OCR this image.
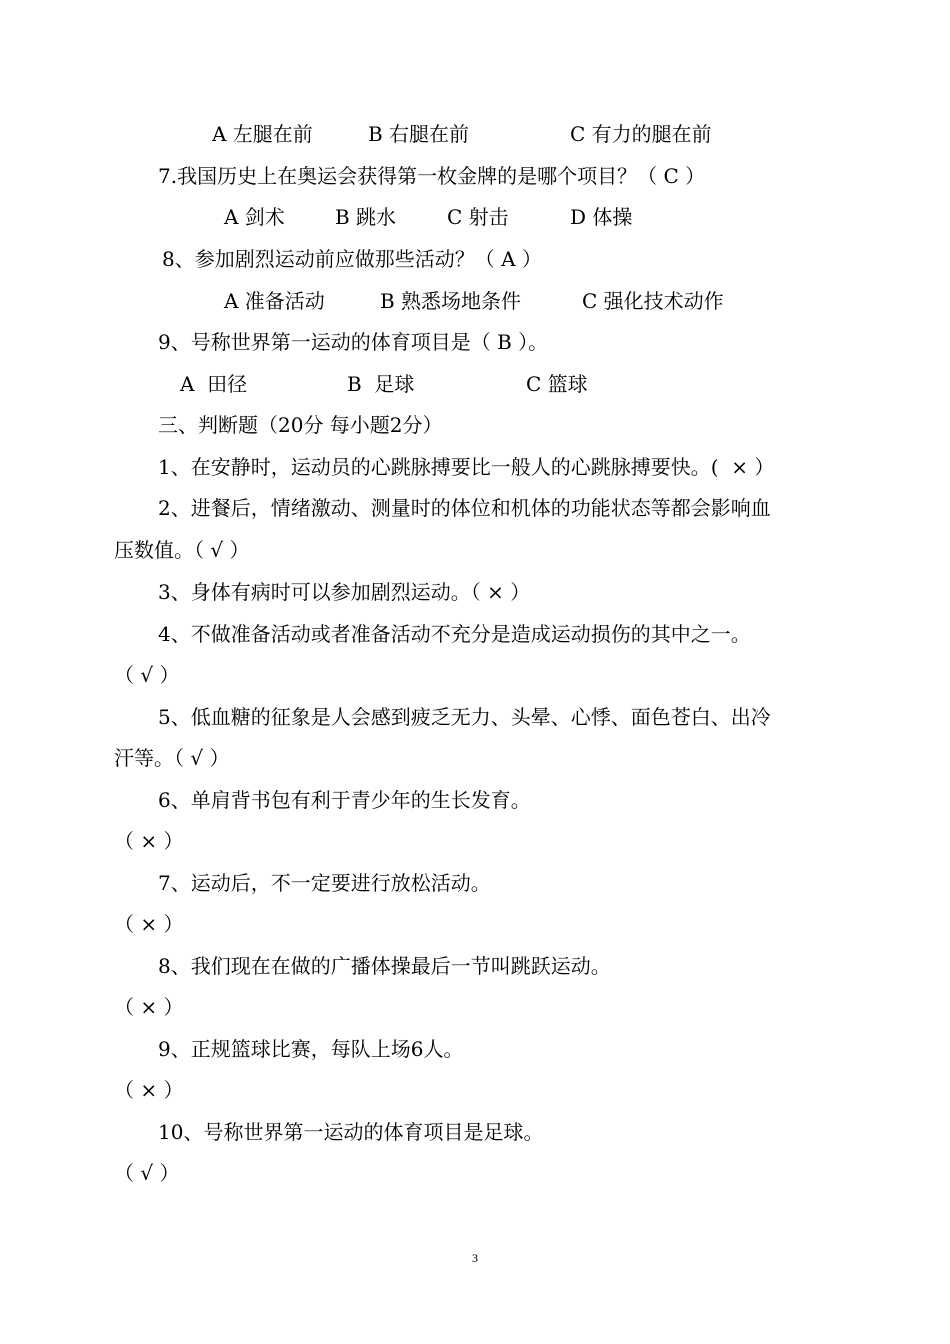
A 左腿在前	B 右腿在前	C 有力的腿在前
7.我国历史上在奥运会获得第一枚金牌的是哪个项目？（ C ）
A 剑术	B 跳水	C 射击	D 体操
8、参加剧烈运动前应做那些活动？（ A ）
A 准备活动	B 熟悉场地条件	C 强化技术动作
9、号称世界第一运动的体育项目是（ B ）。
A  田径	B  足球	C 篮球
三、判断题（20分 每小题2分）
1、在安静时，运动员的心跳脉搏要比一般人的心跳脉搏要快。(  × ）
2、进餐后，情绪激动、测量时的体位和机体的功能状态等都会影响血
压数值。（ √ ）
3、身体有病时可以参加剧烈运动。（ × ）
4、不做准备活动或者准备活动不充分是造成运动损伤的其中之一。
（ √ ）
5、低血糖的征象是人会感到疲乏无力、头晕、心悸、面色苍白、出冷
汗等。（ √ ）
6、单肩背书包有利于青少年的生长发育。
（ × ）
7、运动后，不一定要进行放松活动。
（ × ）
8、我们现在在做的广播体操最后一节叫跳跃运动。
（ × ）
9、正规篮球比赛，每队上场6人。
（ × ）
10、号称世界第一运动的体育项目是足球。
（ √ ）
3
